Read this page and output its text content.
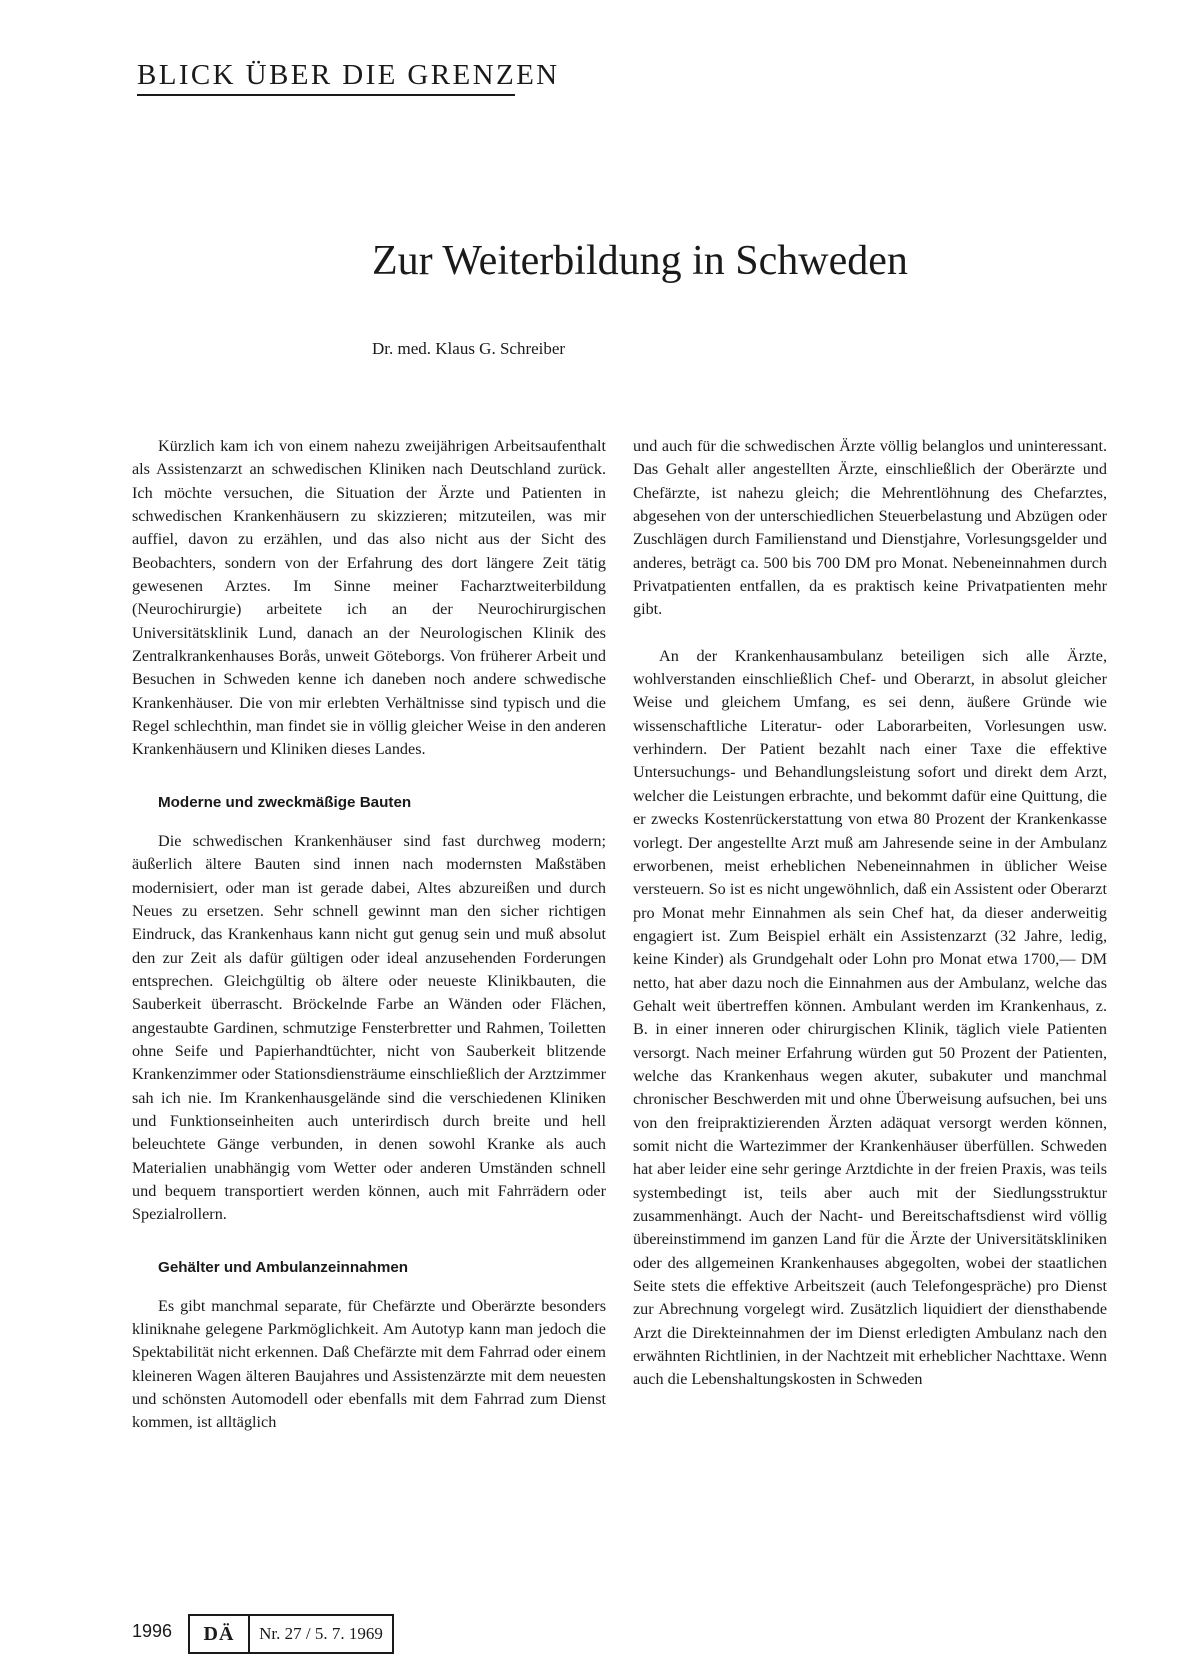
BLICK ÜBER DIE GRENZEN
Zur Weiterbildung in Schweden
Dr. med. Klaus G. Schreiber

Kürzlich kam ich von einem nahezu zweijährigen Arbeitsaufenthalt als Assistenzarzt an schwedischen Kliniken nach Deutschland zurück. Ich möchte versuchen, die Situation der Ärzte und Patienten in schwedischen Krankenhäusern zu skizzieren; mitzuteilen, was mir auffiel, davon zu erzählen, und das also nicht aus der Sicht des Beobachters, sondern von der Erfahrung des dort längere Zeit tätig gewesenen Arztes. Im Sinne meiner Facharztweiterbildung (Neurochirurgie) arbeitete ich an der Neurochirurgischen Universitätsklinik Lund, danach an der Neurologischen Klinik des Zentralkrankenhauses Borås, unweit Göteborgs. Von früherer Arbeit und Besuchen in Schweden kenne ich daneben noch andere schwedische Krankenhäuser. Die von mir erlebten Verhältnisse sind typisch und die Regel schlechthin, man findet sie in völlig gleicher Weise in den anderen Krankenhäusern und Kliniken dieses Landes.

Moderne und zweckmäßige Bauten

Die schwedischen Krankenhäuser sind fast durchweg modern; äußerlich ältere Bauten sind innen nach modernsten Maßstäben modernisiert, oder man ist gerade dabei, Altes abzureißen und durch Neues zu ersetzen. Sehr schnell gewinnt man den sicher richtigen Eindruck, das Krankenhaus kann nicht gut genug sein und muß absolut den zur Zeit als dafür gültigen oder ideal anzusehenden Forderungen entsprechen. Gleichgültig ob ältere oder neueste Klinikbauten, die Sauberkeit überrascht. Bröckelnde Farbe an Wänden oder Flächen, angestaubte Gardinen, schmutzige Fensterbretter und Rahmen, Toiletten ohne Seife und Papierhandtüchter, nicht von Sauberkeit blitzende Krankenzimmer oder Stationsdiensträume einschließlich der Arztzimmer sah ich nie. Im Krankenhausgelände sind die verschiedenen Kliniken und Funktionseinheiten auch unterirdisch durch breite und hell beleuchtete Gänge verbunden, in denen sowohl Kranke als auch Materialien unabhängig vom Wetter oder anderen Umständen schnell und bequem transportiert werden können, auch mit Fahrrädern oder Spezialrollern.

Gehälter und Ambulanzeinnahmen

Es gibt manchmal separate, für Chefärzte und Oberärzte besonders kliniknahe gelegene Parkmöglichkeit. Am Autotyp kann man jedoch die Spektabilität nicht erkennen. Daß Chefärzte mit dem Fahrrad oder einem kleineren Wagen älteren Baujahres und Assistenzärzte mit dem neuesten und schönsten Automodell oder ebenfalls mit dem Fahrrad zum Dienst kommen, ist alltäglich

und auch für die schwedischen Ärzte völlig belanglos und uninteressant. Das Gehalt aller angestellten Ärzte, einschließlich der Oberärzte und Chefärzte, ist nahezu gleich; die Mehrentlöhnung des Chefarztes, abgesehen von der unterschiedlichen Steuerbelastung und Abzügen oder Zuschlägen durch Familienstand und Dienstjahre, Vorlesungsgelder und anderes, beträgt ca. 500 bis 700 DM pro Monat. Nebeneinnahmen durch Privatpatienten entfallen, da es praktisch keine Privatpatienten mehr gibt.

An der Krankenhausambulanz beteiligen sich alle Ärzte, wohlverstanden einschließlich Chef- und Oberarzt, in absolut gleicher Weise und gleichem Umfang, es sei denn, äußere Gründe wie wissenschaftliche Literatur- oder Laborarbeiten, Vorlesungen usw. verhindern. Der Patient bezahlt nach einer Taxe die effektive Untersuchungs- und Behandlungsleistung sofort und direkt dem Arzt, welcher die Leistungen erbrachte, und bekommt dafür eine Quittung, die er zwecks Kostenrückerstattung von etwa 80 Prozent der Krankenkasse vorlegt. Der angestellte Arzt muß am Jahresende seine in der Ambulanz erworbenen, meist erheblichen Nebeneinnahmen in üblicher Weise versteuern. So ist es nicht ungewöhnlich, daß ein Assistent oder Oberarzt pro Monat mehr Einnahmen als sein Chef hat, da dieser anderweitig engagiert ist. Zum Beispiel erhält ein Assistenzarzt (32 Jahre, ledig, keine Kinder) als Grundgehalt oder Lohn pro Monat etwa 1700,— DM netto, hat aber dazu noch die Einnahmen aus der Ambulanz, welche das Gehalt weit übertreffen können. Ambulant werden im Krankenhaus, z. B. in einer inneren oder chirurgischen Klinik, täglich viele Patienten versorgt. Nach meiner Erfahrung würden gut 50 Prozent der Patienten, welche das Krankenhaus wegen akuter, subakuter und manchmal chronischer Beschwerden mit und ohne Überweisung aufsuchen, bei uns von den freipraktizierenden Ärzten adäquat versorgt werden können, somit nicht die Wartezimmer der Krankenhäuser überfüllen. Schweden hat aber leider eine sehr geringe Arztdichte in der freien Praxis, was teils systembedingt ist, teils aber auch mit der Siedlungsstruktur zusammenhängt. Auch der Nacht- und Bereitschaftsdienst wird völlig übereinstimmend im ganzen Land für die Ärzte der Universitätskliniken oder des allgemeinen Krankenhauses abgegolten, wobei der staatlichen Seite stets die effektive Arbeitszeit (auch Telefongespräche) pro Dienst zur Abrechnung vorgelegt wird. Zusätzlich liquidiert der diensthabende Arzt die Direkteinnahmen der im Dienst erledigten Ambulanz nach den erwähnten Richtlinien, in der Nachtzeit mit erheblicher Nachttaxe. Wenn auch die Lebenshaltungskosten in Schweden

1996	DÄ	Nr. 27 / 5. 7. 1969
